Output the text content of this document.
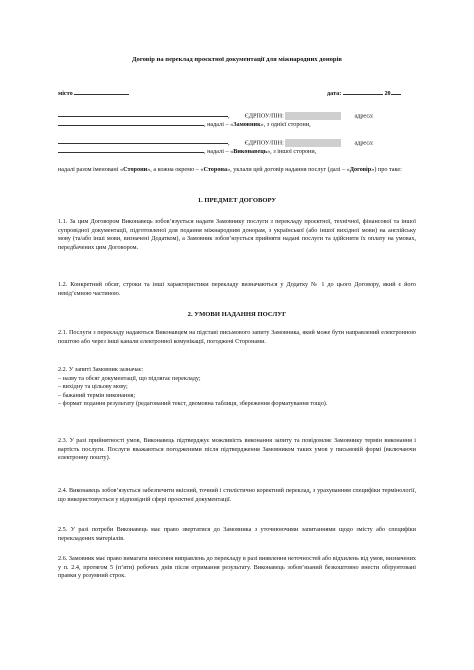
Договір на переклад проєктної документації для міжнародних донорів
місто	дата:	20
,  ЄДРПОУ/ПІН:	адреса:
, надалі – «Замовник», з однієї сторони,
,  ЄДРПОУ/ПІН:	адреса:
, надалі – «Виконавець», з іншої сторони,
надалі разом іменовані «Сторони», а кожна окремо – «Сторона», уклали цей договір надання послуг (далі – «Договір») про таке:
1. ПРЕДМЕТ ДОГОВОРУ
1.1. За цим Договором Виконавець зобов’язується надати Замовнику послуги з перекладу проєктної, технічної, фінансової та іншої супровідної документації, підготовленої для подання міжнародним донорам, з української (або іншої вихідної мови) на англійську мову (та/або інші мови, визначені Додатком), а Замовник зобов’язується прийняти надані послуги та здійснити їх оплату на умовах, передбачених цим Договором.
1.2. Конкретний обсяг, строки та інші характеристики перекладу визначаються у Додатку № 1 до цього Договору, який є його невід’ємною частиною.
2. УМОВИ НАДАННЯ ПОСЛУГ
2.1. Послуги з перекладу надаються Виконавцем на підставі письмового запиту Замовника, який може бути направлений електронною поштою або через інші канали електронної комунікації, погоджені Сторонами.
2.2. У запиті Замовник зазначає:
– назву та обсяг документації, що підлягає перекладу;
– вихідну та цільову мову;
– бажаний термін виконання;
– формат подання результату (редагований текст, двомовна таблиця, збереження форматування тощо).
2.3. У разі прийнятності умов, Виконавець підтверджує можливість виконання запиту та повідомляє Замовнику термін виконання і вартість послуги. Послуги вважаються погодженими після підтвердження Замовником таких умов у письмовій формі (включаючи електронну пошту).
2.4. Виконавець зобов’язується забезпечити якісний, точний і стилістично коректний переклад, з урахуванням специфіки термінології, що використовується у відповідній сфері проєктної документації.
2.5. У разі потреби Виконавець має право звертатися до Замовника з уточнюючими запитаннями щодо змісту або специфіки перекладених матеріалів.
2.6. Замовник має право вимагати внесення виправлень до перекладу в разі виявлення неточностей або відхилень від умов, визначених у п. 2.4, протягом 5 (п’яти) робочих днів після отримання результату. Виконавець зобов’язаний безкоштовно внести обґрунтовані правки у розумний строк.
